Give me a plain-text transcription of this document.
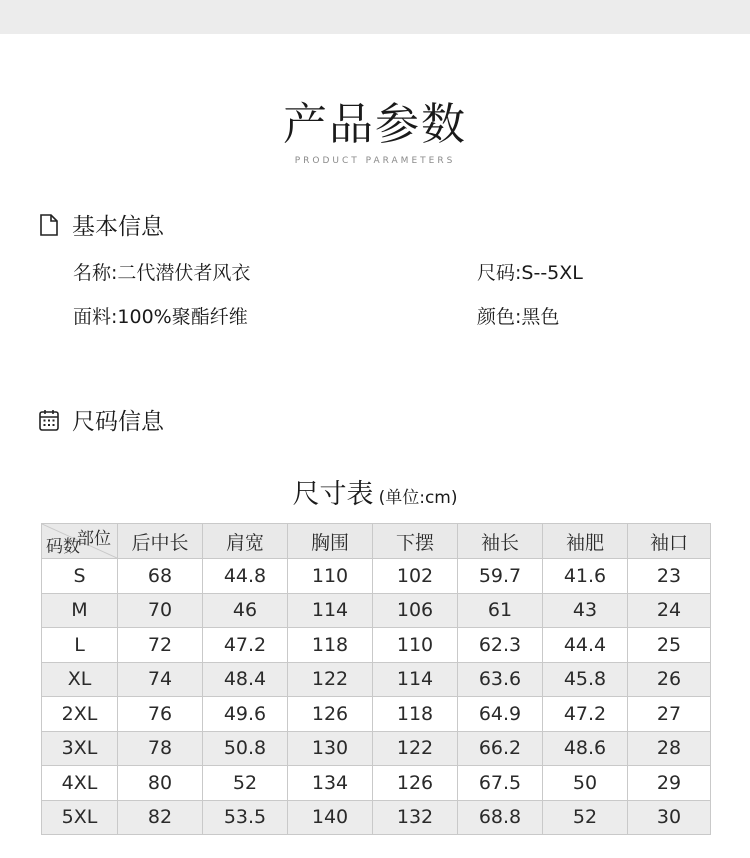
产品参数
PRODUCT PARAMETERS
基本信息
名称:二代潜伏者风衣	尺码:S--5XL
面料:100%聚酯纤维	颜色:黑色
尺码信息
尺寸表 (单位:cm)
部位
码数	后中长	肩宽	胸围	下摆	袖长	袖肥	袖口
S	68	44.8	110	102	59.7	41.6	23
M	70	46	114	106	61	43	24
L	72	47.2	118	110	62.3	44.4	25
XL	74	48.4	122	114	63.6	45.8	26
2XL	76	49.6	126	118	64.9	47.2	27
3XL	78	50.8	130	122	66.2	48.6	28
4XL	80	52	134	126	67.5	50	29
5XL	82	53.5	140	132	68.8	52	30
